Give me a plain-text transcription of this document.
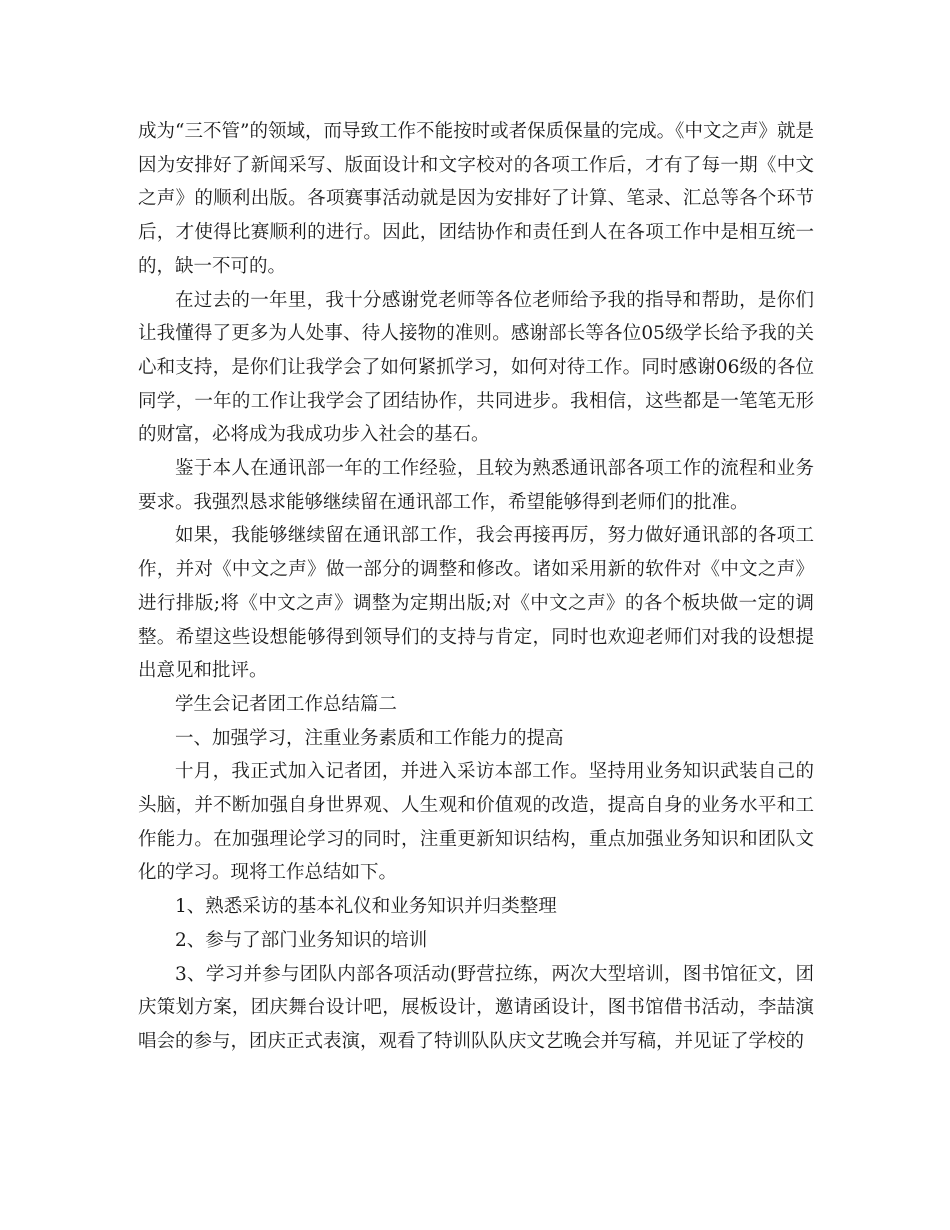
成为“三不管”的领域，而导致工作不能按时或者保质保量的完成。《中文之声》就是因为安排好了新闻采写、版面设计和文字校对的各项工作后，才有了每一期《中文之声》的顺利出版。各项赛事活动就是因为安排好了计算、笔录、汇总等各个环节后，才使得比赛顺利的进行。因此，团结协作和责任到人在各项工作中是相互统一的，缺一不可的。

在过去的一年里，我十分感谢党老师等各位老师给予我的指导和帮助，是你们让我懂得了更多为人处事、待人接物的准则。感谢部长等各位05级学长给予我的关心和支持，是你们让我学会了如何紧抓学习，如何对待工作。同时感谢06级的各位同学，一年的工作让我学会了团结协作，共同进步。我相信，这些都是一笔笔无形的财富，必将成为我成功步入社会的基石。

鉴于本人在通讯部一年的工作经验，且较为熟悉通讯部各项工作的流程和业务要求。我强烈恳求能够继续留在通讯部工作，希望能够得到老师们的批准。

如果，我能够继续留在通讯部工作，我会再接再厉，努力做好通讯部的各项工作，并对《中文之声》做一部分的调整和修改。诸如采用新的软件对《中文之声》进行排版;将《中文之声》调整为定期出版;对《中文之声》的各个板块做一定的调整。希望这些设想能够得到领导们的支持与肯定，同时也欢迎老师们对我的设想提出意见和批评。

学生会记者团工作总结篇二

一、加强学习，注重业务素质和工作能力的提高

十月，我正式加入记者团，并进入采访本部工作。坚持用业务知识武装自己的头脑，并不断加强自身世界观、人生观和价值观的改造，提高自身的业务水平和工作能力。在加强理论学习的同时，注重更新知识结构，重点加强业务知识和团队文化的学习。现将工作总结如下。

1、熟悉采访的基本礼仪和业务知识并归类整理

2、参与了部门业务知识的培训

3、学习并参与团队内部各项活动(野营拉练，两次大型培训，图书馆征文，团庆策划方案，团庆舞台设计吧，展板设计，邀请函设计，图书馆借书活动，李喆演唱会的参与，团庆正式表演，观看了特训队队庆文艺晚会并写稿，并见证了学校的
